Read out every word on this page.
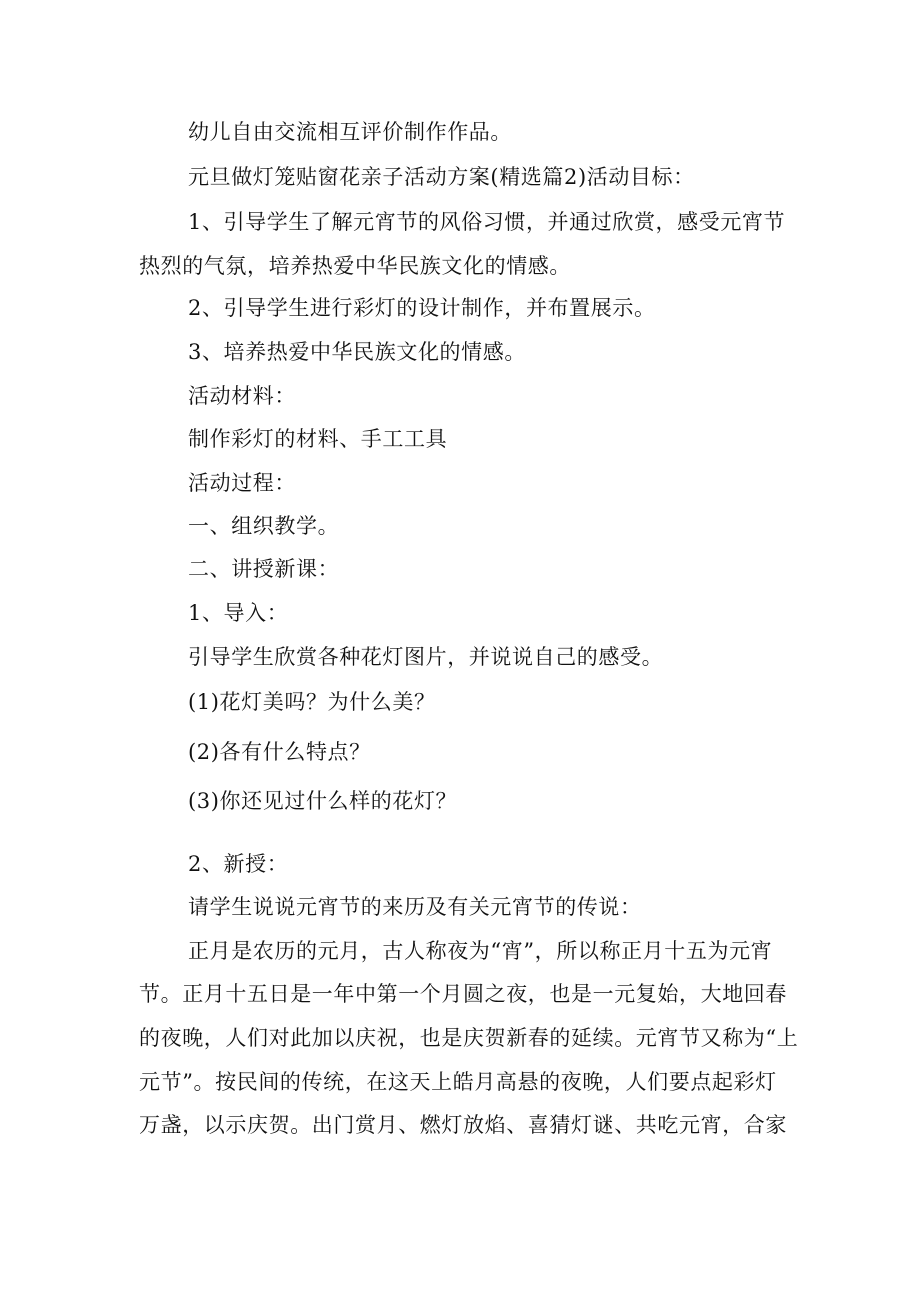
幼儿自由交流相互评价制作作品。
元旦做灯笼贴窗花亲子活动方案(精选篇2)活动目标：
1、引导学生了解元宵节的风俗习惯，并通过欣赏，感受元宵节
热烈的气氛，培养热爱中华民族文化的情感。
2、引导学生进行彩灯的设计制作，并布置展示。
3、培养热爱中华民族文化的情感。
活动材料：
制作彩灯的材料、手工工具
活动过程：
一、组织教学。
二、讲授新课：
1、导入：
引导学生欣赏各种花灯图片，并说说自己的感受。
(1)花灯美吗？为什么美？
(2)各有什么特点？
(3)你还见过什么样的花灯？
2、新授：
请学生说说元宵节的来历及有关元宵节的传说：
正月是农历的元月，古人称夜为“宵”，所以称正月十五为元宵
节。正月十五日是一年中第一个月圆之夜，也是一元复始，大地回春
的夜晚，人们对此加以庆祝，也是庆贺新春的延续。元宵节又称为“上
元节”。按民间的传统，在这天上皓月高悬的夜晚，人们要点起彩灯
万盏，以示庆贺。出门赏月、燃灯放焰、喜猜灯谜、共吃元宵，合家
